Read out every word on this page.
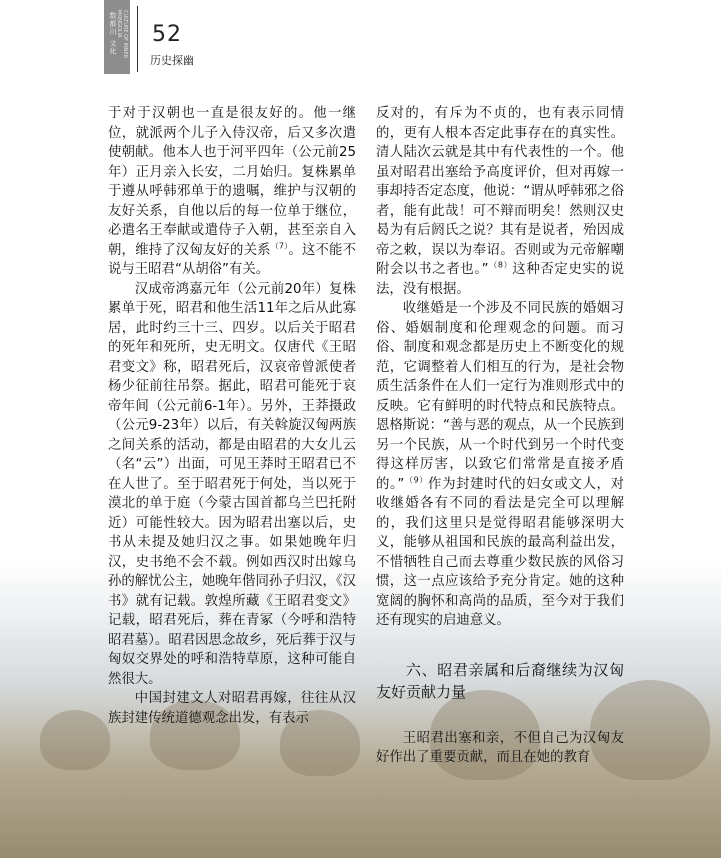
数都川 文化	CULTURE OF INNER MONGOLIA 52
历史探幽

于对于汉朝也一直是很友好的。他一继位，就派两个儿子入侍汉帝，后又多次遣使朝献。他本人也于河平四年（公元前25年）正月亲入长安，二月始归。复株累单于遵从呼韩邪单于的遗嘱，维护与汉朝的友好关系，自他以后的每一位单于继位，必遣名王奉献或遣侍子入朝，甚至亲自入朝，维持了汉匈友好的关系$^{(7)}$。这不能不说与王昭君“从胡俗”有关。

汉成帝鸿嘉元年（公元前20年）复株累单于死，昭君和他生活11年之后从此寡居，此时约三十三、四岁。以后关于昭君的死年和死所，史无明文。仅唐代《王昭君变文》称，昭君死后，汉哀帝曾派使者杨少征前往吊祭。据此，昭君可能死于哀帝年间（公元前6-1年）。另外，王莽摄政（公元9-23年）以后，有关斡旋汉匈两族之间关系的活动，都是由昭君的大女儿云（名“云”）出面，可见王莽时王昭君已不在人世了。至于昭君死于何处，当以死于漠北的单于庭（今蒙古国首都乌兰巴托附近）可能性较大。因为昭君出塞以后，史书从未提及她归汉之事。如果她晚年归汉，史书绝不会不载。例如西汉时出嫁乌孙的解忧公主，她晚年偕同孙子归汉，《汉书》就有记载。敦煌所藏《王昭君变文》记载，昭君死后，葬在青冢（今呼和浩特昭君墓）。昭君因思念故乡，死后葬于汉与匈奴交界处的呼和浩特草原，这种可能自然很大。

中国封建文人对昭君再嫁，往往从汉族封建传统道德观念出发，有表示

反对的，有斥为不贞的，也有表示同情的，更有人根本否定此事存在的真实性。清人陆次云就是其中有代表性的一个。他虽对昭君出塞给予高度评价，但对再嫁一事却持否定态度，他说：“谓从呼韩邪之俗者，能有此哉！可不辩而明矣！然则汉史曷为有后阏氏之说？其有是说者，殆因成帝之敕，误以为奉诏。否则或为元帝解嘲附会以书之者也。”$^{(8)}$这种否定史实的说法，没有根据。

收继婚是一个涉及不同民族的婚姻习俗、婚姻制度和伦理观念的问题。而习俗、制度和观念都是历史上不断变化的规范，它调整着人们相互的行为，是社会物质生活条件在人们一定行为准则形式中的反映。它有鲜明的时代特点和民族特点。恩格斯说：“善与恶的观点，从一个民族到另一个民族，从一个时代到另一个时代变得这样厉害，以致它们常常是直接矛盾的。”$^{(9)}$作为封建时代的妇女或文人，对收继婚各有不同的看法是完全可以理解的，我们这里只是觉得昭君能够深明大义，能够从祖国和民族的最高利益出发，不惜牺牲自己而去尊重少数民族的风俗习惯，这一点应该给予充分肯定。她的这种宽阔的胸怀和高尚的品质，至今对于我们还有现实的启迪意义。

六、昭君亲属和后裔继续为汉匈友好贡献力量

王昭君出塞和亲，不但自己为汉匈友好作出了重要贡献，而且在她的教育
